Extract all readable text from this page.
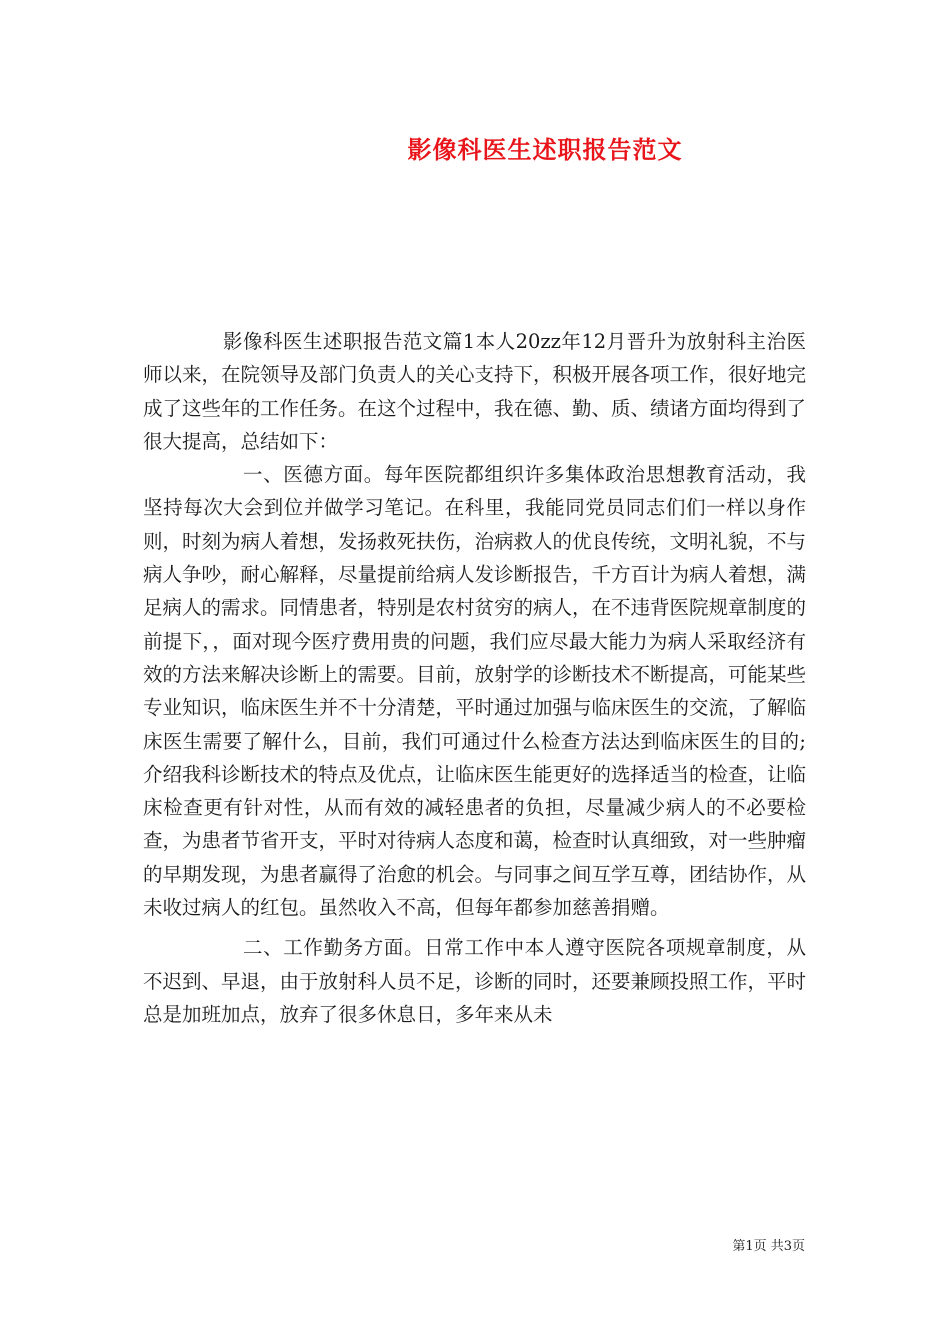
影像科医生述职报告范文

影像科医生述职报告范文篇1本人20zz年12月晋升为放射科主治医师以来，在院领导及部门负责人的关心支持下，积极开展各项工作，很好地完成了这些年的工作任务。在这个过程中，我在德、勤、质、绩诸方面均得到了很大提高，总结如下：

一、医德方面。每年医院都组织许多集体政治思想教育活动，我坚持每次大会到位并做学习笔记。在科里，我能同党员同志们们一样以身作则，时刻为病人着想，发扬救死扶伤，治病救人的优良传统，文明礼貌，不与病人争吵，耐心解释，尽量提前给病人发诊断报告，千方百计为病人着想，满足病人的需求。同情患者，特别是农村贫穷的病人，在不违背医院规章制度的前提下，，面对现今医疗费用贵的问题，我们应尽最大能力为病人采取经济有效的方法来解决诊断上的需要。目前，放射学的诊断技术不断提高，可能某些专业知识，临床医生并不十分清楚，平时通过加强与临床医生的交流，了解临床医生需要了解什么，目前，我们可通过什么检查方法达到临床医生的目的;介绍我科诊断技术的特点及优点，让临床医生能更好的选择适当的检查，让临床检查更有针对性，从而有效的减轻患者的负担，尽量减少病人的不必要检查，为患者节省开支，平时对待病人态度和蔼，检查时认真细致，对一些肿瘤的早期发现，为患者赢得了治愈的机会。与同事之间互学互尊，团结协作，从未收过病人的红包。虽然收入不高，但每年都参加慈善捐赠。

二、工作勤务方面。日常工作中本人遵守医院各项规章制度，从不迟到、早退，由于放射科人员不足，诊断的同时，还要兼顾投照工作，平时总是加班加点，放弃了很多休息日，多年来从未

第1页 共3页
